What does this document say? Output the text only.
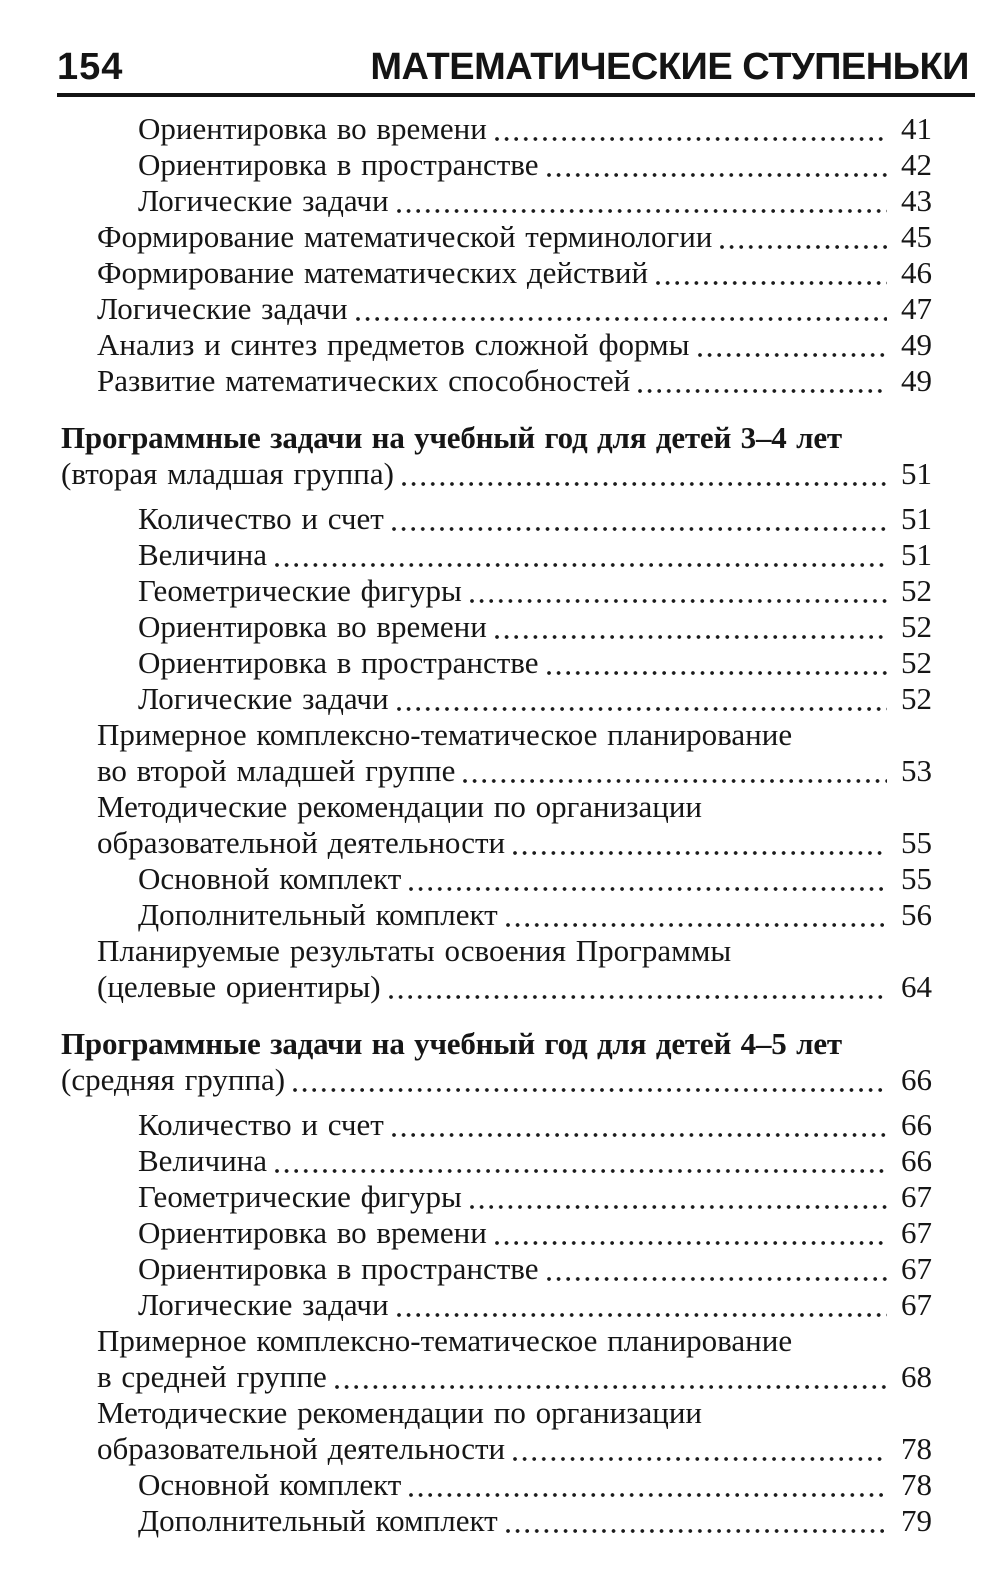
154	МАТЕМАТИЧЕСКИЕ СТУПЕНЬКИ
Ориентировка во времени	41
Ориентировка в пространстве	42
Логические задачи	43
Формирование математической терминологии	45
Формирование математических действий	46
Логические задачи	47
Анализ и синтез предметов сложной формы	49
Развитие математических способностей	49
Программные задачи на учебный год для детей 3–4 лет
(вторая младшая группа)	51
Количество и счет	51
Величина	51
Геометрические фигуры	52
Ориентировка во времени	52
Ориентировка в пространстве	52
Логические задачи	52
Примерное комплексно-тематическое планирование
во второй младшей группе	53
Методические рекомендации по организации
образовательной деятельности	55
Основной комплект	55
Дополнительный комплект	56
Планируемые результаты освоения Программы
(целевые ориентиры)	64
Программные задачи на учебный год для детей 4–5 лет
(средняя группа)	66
Количество и счет	66
Величина	66
Геометрические фигуры	67
Ориентировка во времени	67
Ориентировка в пространстве	67
Логические задачи	67
Примерное комплексно-тематическое планирование
в средней группе	68
Методические рекомендации по организации
образовательной деятельности	78
Основной комплект	78
Дополнительный комплект	79
